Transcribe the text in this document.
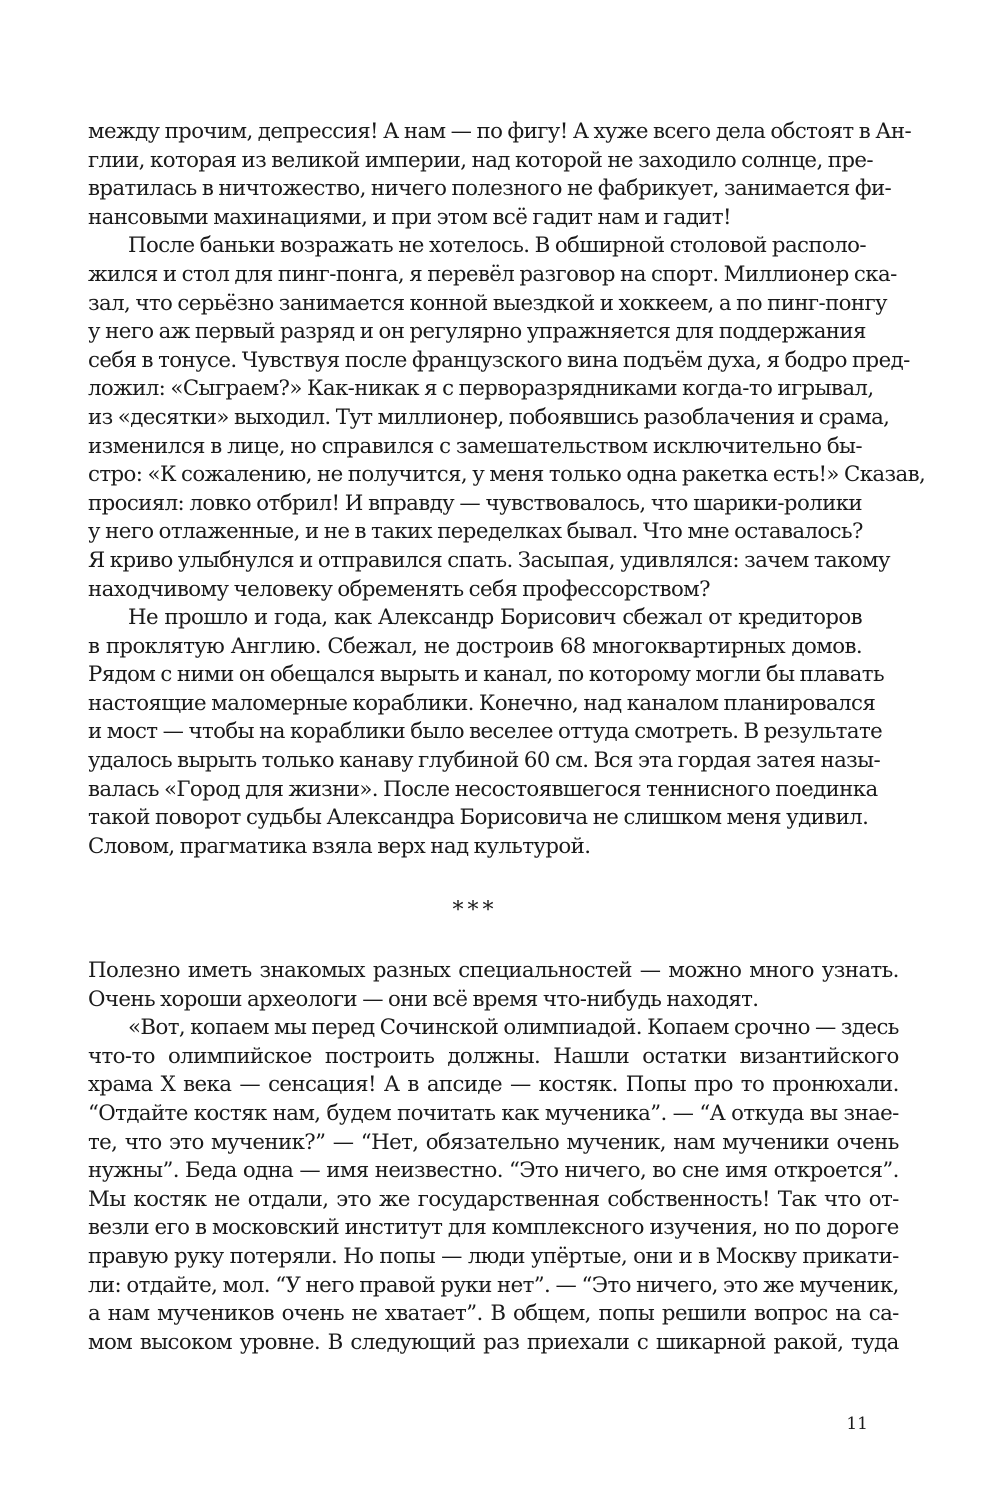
между прочим, депрессия! А нам — по фигу! А хуже всего дела обстоят в Ан-
глии, которая из великой империи, над которой не заходило солнце, пре-
вратилась в ничтожество, ничего полезного не фабрикует, занимается фи-
нансовыми махинациями, и при этом всё гадит нам и гадит!
После баньки возражать не хотелось. В обширной столовой располо-
жился и стол для пинг-понга, я перевёл разговор на спорт. Миллионер ска-
зал, что серьёзно занимается конной выездкой и хоккеем, а по пинг-понгу
у него аж первый разряд и он регулярно упражняется для поддержания
себя в тонусе. Чувствуя после французского вина подъём духа, я бодро пред-
ложил: «Сыграем?» Как-никак я с перворазрядниками когда-то игрывал,
из «десятки» выходил. Тут миллионер, побоявшись разоблачения и срама,
изменился в лице, но справился с замешательством исключительно бы-
стро: «К сожалению, не получится, у меня только одна ракетка есть!» Сказав,
просиял: ловко отбрил! И вправду — чувствовалось, что шарики-ролики
у него отлаженные, и не в таких переделках бывал. Что мне оставалось?
Я криво улыбнулся и отправился спать. Засыпая, удивлялся: зачем такому
находчивому человеку обременять себя профессорством?
Не прошло и года, как Александр Борисович сбежал от кредиторов
в проклятую Англию. Сбежал, не достроив 68 многоквартирных домов.
Рядом с ними он обещался вырыть и канал, по которому могли бы плавать
настоящие маломерные кораблики. Конечно, над каналом планировался
и мост — чтобы на кораблики было веселее оттуда смотреть. В результате
удалось вырыть только канаву глубиной 60 см. Вся эта гордая затея назы-
валась «Город для жизни». После несостоявшегося теннисного поединка
такой поворот судьбы Александра Борисовича не слишком меня удивил.
Словом, прагматика взяла верх над культурой.
***
Полезно иметь знакомых разных специальностей — можно много узнать.
Очень хороши археологи — они всё время что-нибудь находят.
«Вот, копаем мы перед Сочинской олимпиадой. Копаем срочно — здесь
что-то олимпийское построить должны. Нашли остатки византийского
храма X века — сенсация! А в апсиде — костяк. Попы про то пронюхали.
“Отдайте костяк нам, будем почитать как мученика”. — “А откуда вы знае-
те, что это мученик?” — “Нет, обязательно мученик, нам мученики очень
нужны”. Беда одна — имя неизвестно. “Это ничего, во сне имя откроется”.
Мы костяк не отдали, это же государственная собственность! Так что от-
везли его в московский институт для комплексного изучения, но по дороге
правую руку потеряли. Но попы — люди упёртые, они и в Москву прикати-
ли: отдайте, мол. “У него правой руки нет”. — “Это ничего, это же мученик,
а нам мучеников очень не хватает”. В общем, попы решили вопрос на са-
мом высоком уровне. В следующий раз приехали с шикарной ракой, туда
11
